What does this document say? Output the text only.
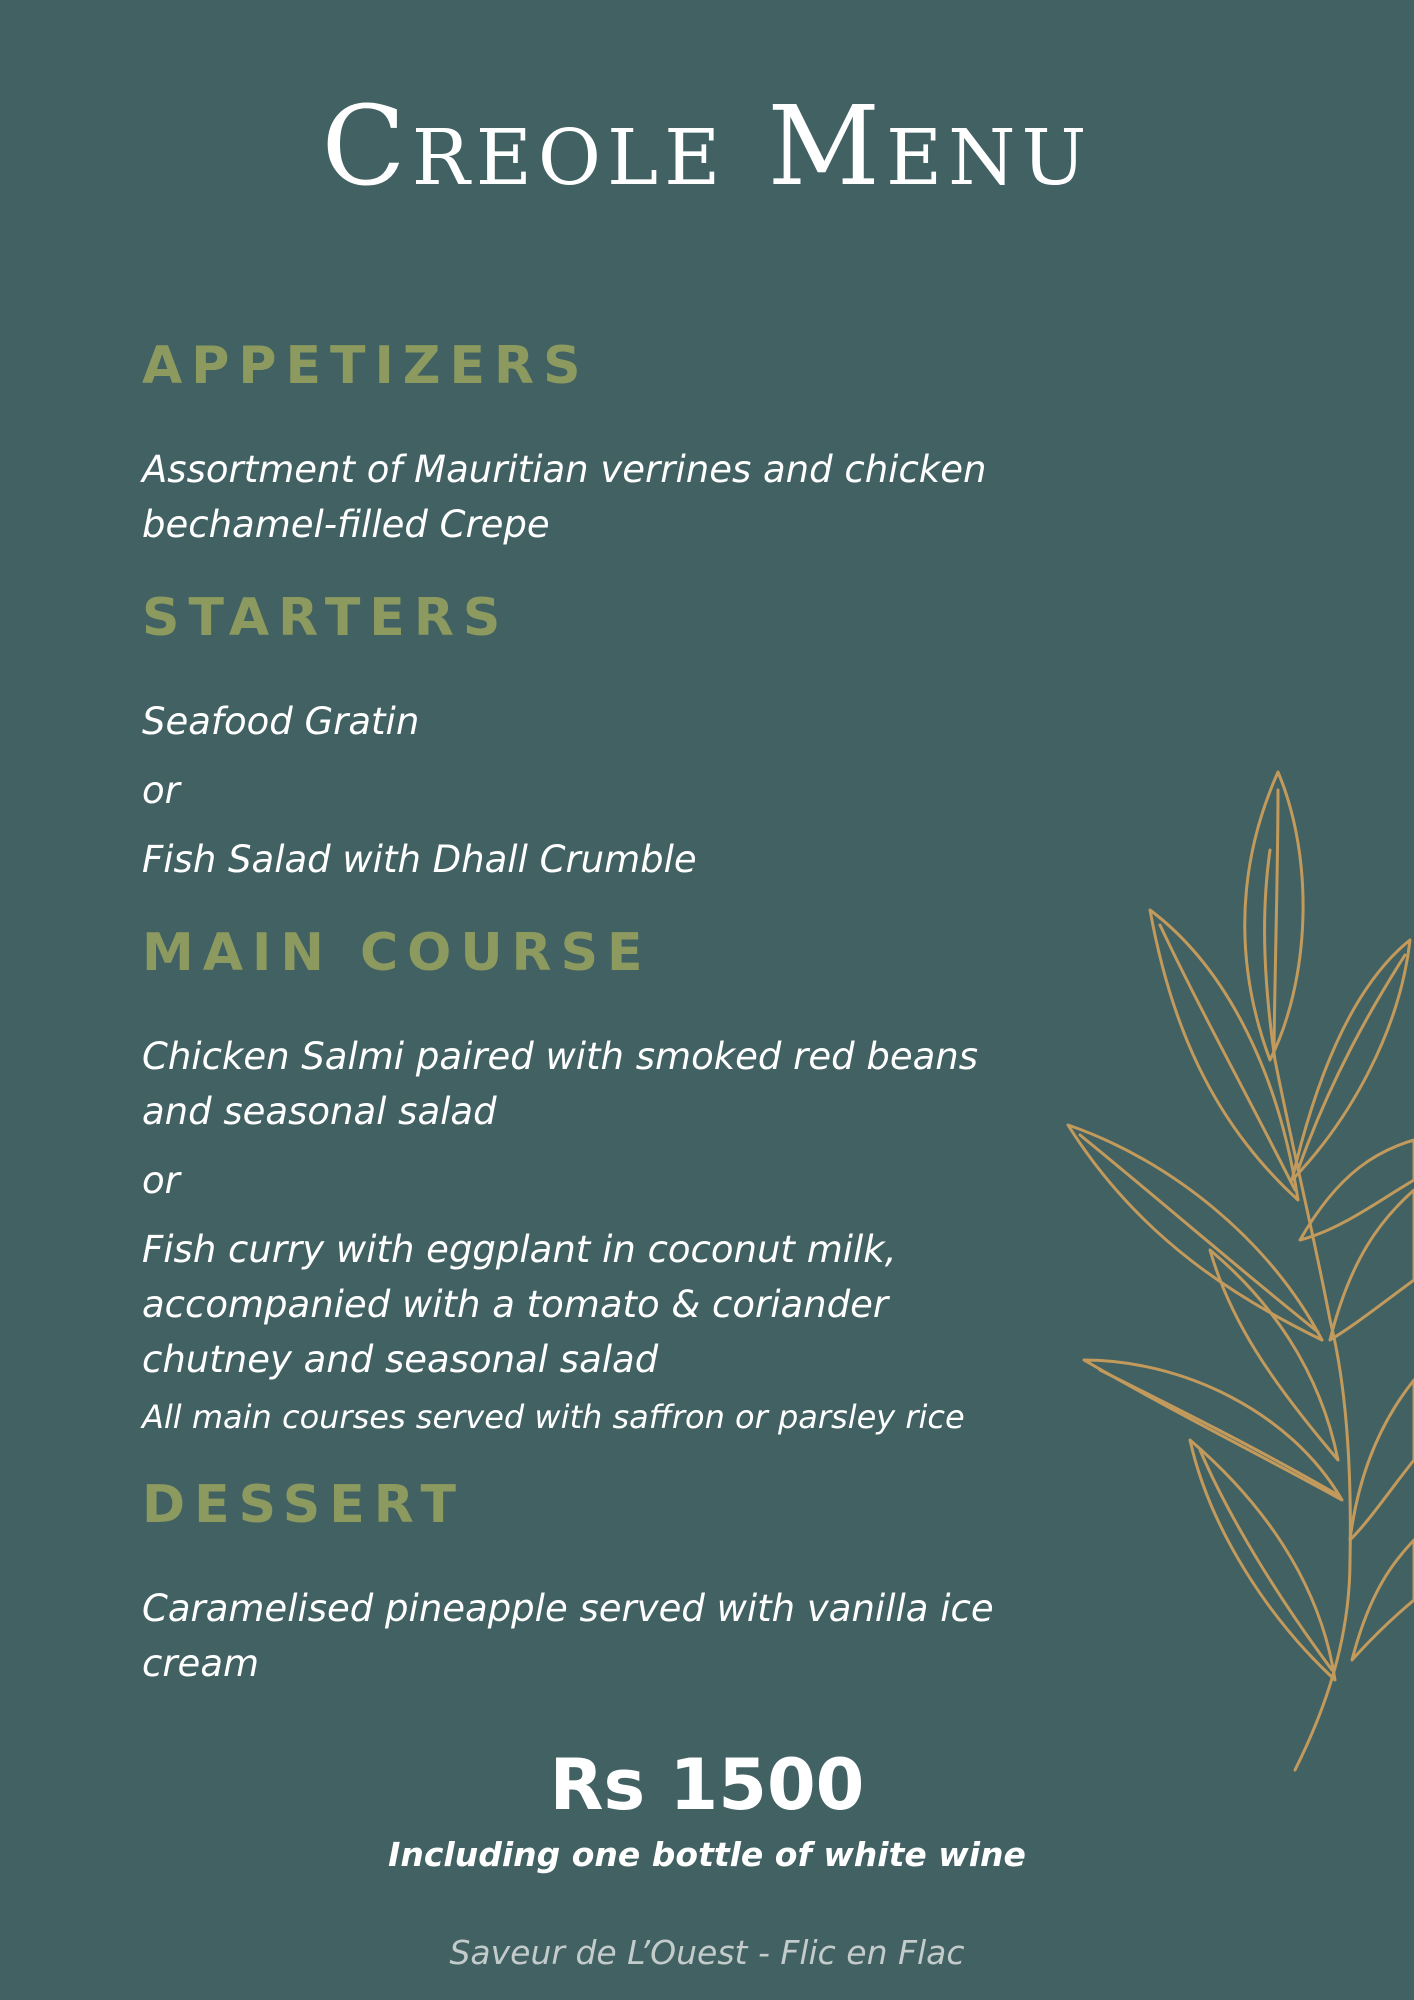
Creole Menu
APPETIZERS
Assortment of Mauritian verrines and chicken bechamel-filled Crepe
STARTERS
Seafood Gratin
or
Fish Salad with Dhall Crumble
MAIN COURSE
Chicken Salmi paired with smoked red beans and seasonal salad
or
Fish curry with eggplant in coconut milk, accompanied with a tomato & coriander chutney and seasonal salad
All main courses served with saffron or parsley rice
DESSERT
Caramelised pineapple served with vanilla ice cream
Rs 1500
Including one bottle of white wine
Saveur de L’Ouest - Flic en Flac
